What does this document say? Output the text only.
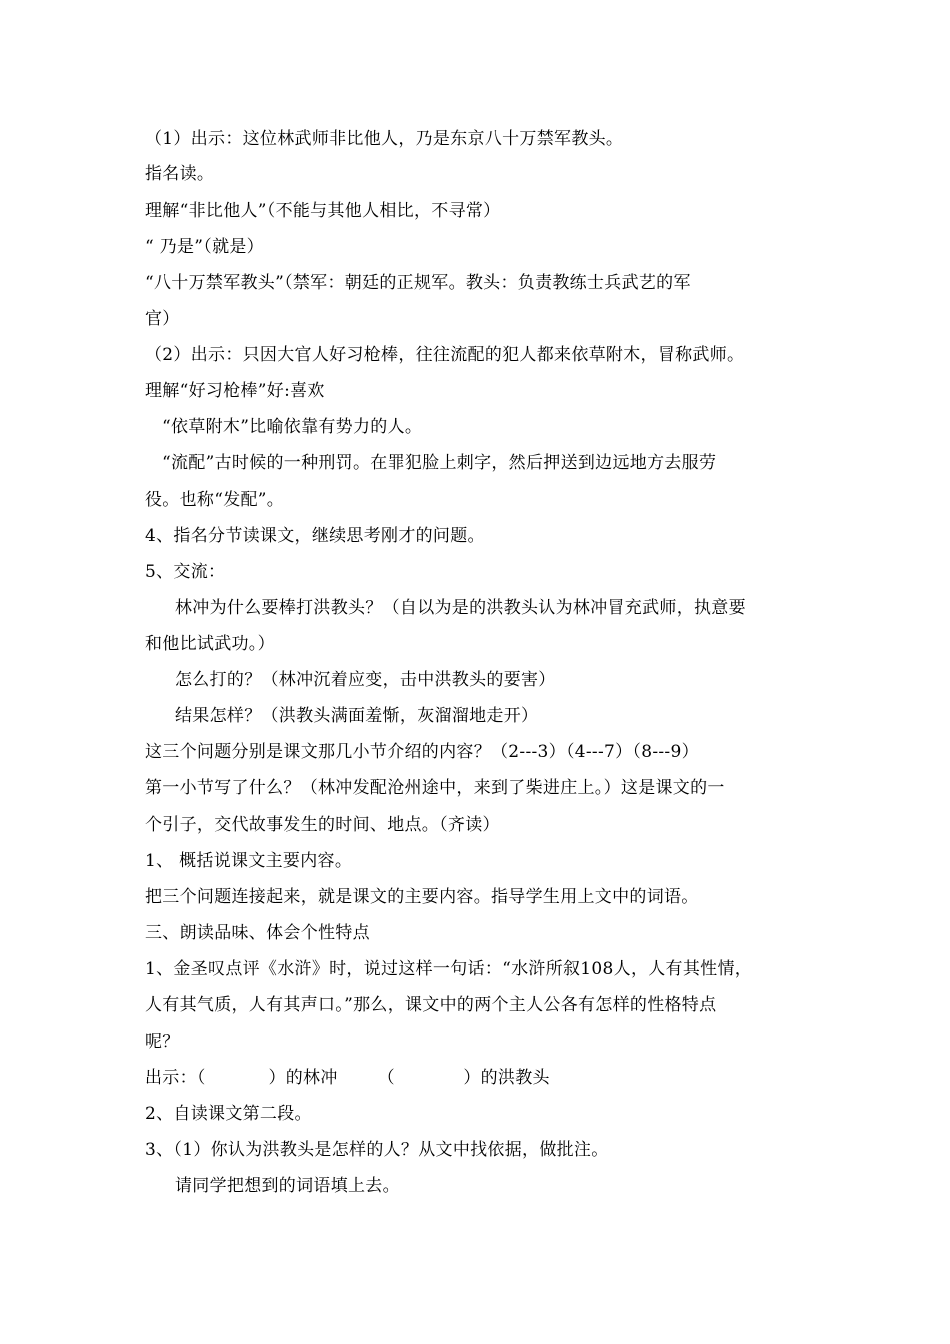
（1）出示：这位林武师非比他人，乃是东京八十万禁军教头。
指名读。
理解“非比他人”（不能与其他人相比，不寻常）
“ 乃是”（就是）
“八十万禁军教头”（禁军：朝廷的正规军。教头：负责教练士兵武艺的军
官）
（2）出示：只因大官人好习枪棒，往往流配的犯人都来依草附木，冒称武师。
理解“好习枪棒”好:喜欢
“依草附木”比喻依靠有势力的人。
“流配”古时候的一种刑罚。在罪犯脸上刺字，然后押送到边远地方去服劳
役。也称“发配”。
4、指名分节读课文，继续思考刚才的问题。
5、交流：
林冲为什么要棒打洪教头？（自以为是的洪教头认为林冲冒充武师，执意要
和他比试武功。）
怎么打的？（林冲沉着应变，击中洪教头的要害）
结果怎样？（洪教头满面羞惭，灰溜溜地走开）
这三个问题分别是课文那几小节介绍的内容？（2---3）（4---7）（8---9）
第一小节写了什么？（林冲发配沧州途中，来到了柴进庄上。）这是课文的一
个引子，交代故事发生的时间、地点。（齐读）
1、 概括说课文主要内容。
把三个问题连接起来，就是课文的主要内容。指导学生用上文中的词语。
三、朗读品味、体会个性特点
1、金圣叹点评《水浒》时，说过这样一句话：“水浒所叙108人，人有其性情，
人有其气质，人有其声口。”那么，课文中的两个主人公各有怎样的性格特点
呢？
出示：（           ）的林冲       （            ）的洪教头
2、自读课文第二段。
3、（1）你认为洪教头是怎样的人？从文中找依据，做批注。
请同学把想到的词语填上去。
